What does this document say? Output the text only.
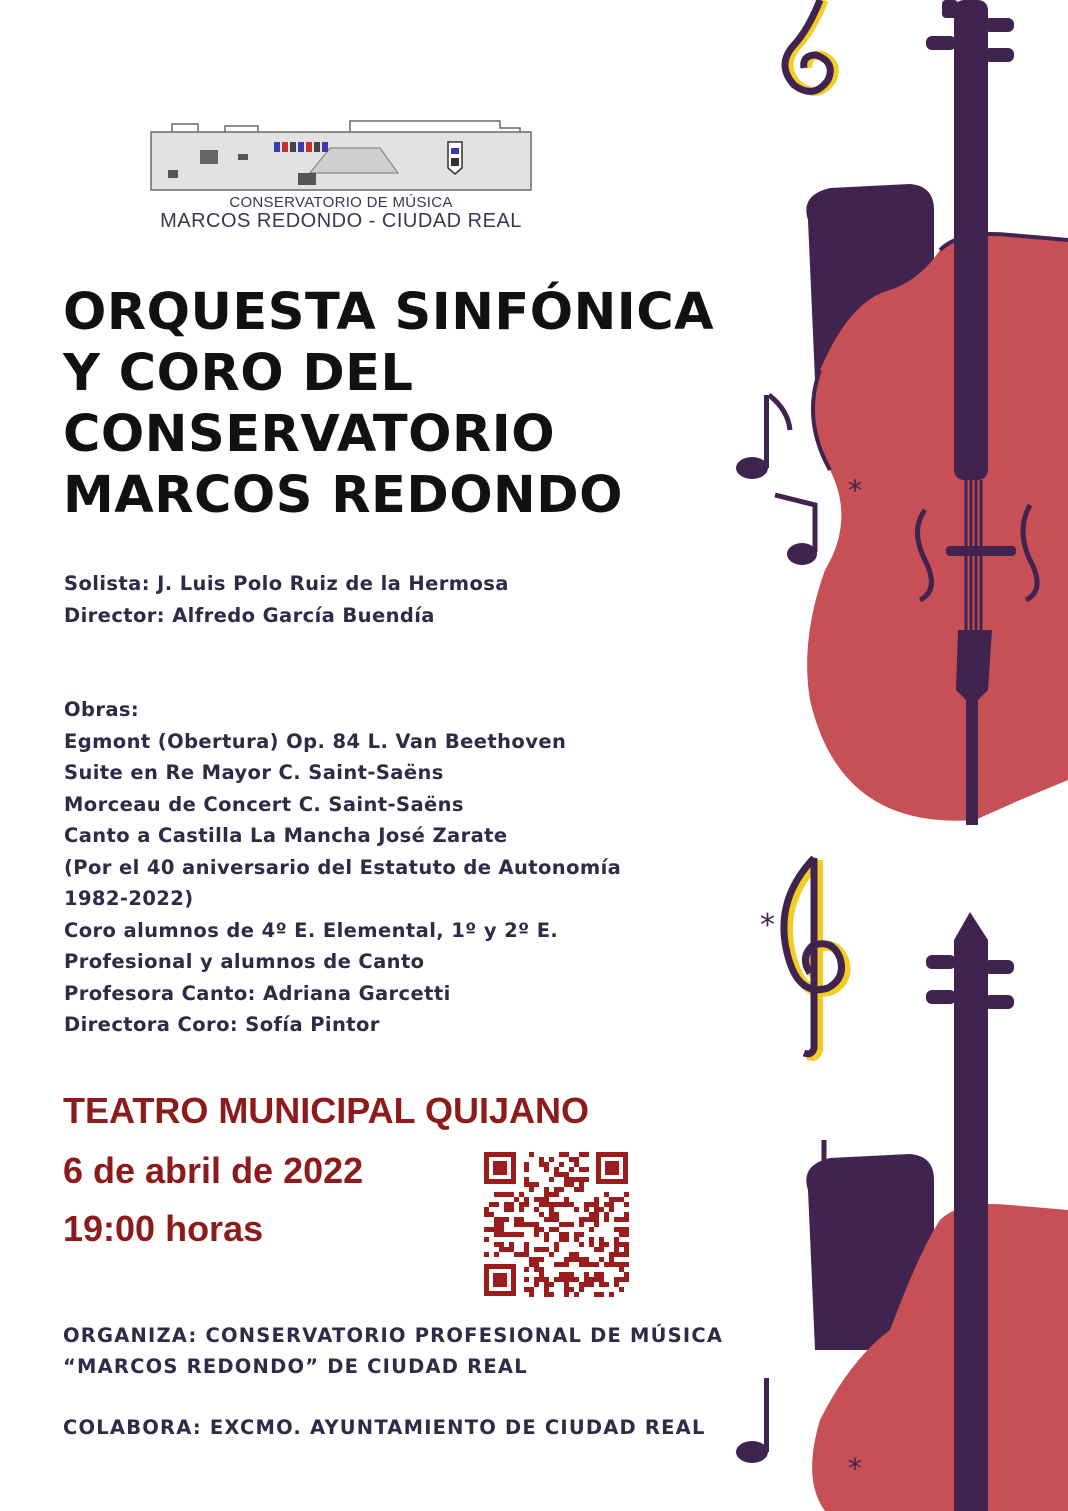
CONSERVATORIO DE MÚSICA
MARCOS REDONDO - CIUDAD REAL
ORQUESTA SINFÓNICA
Y CORO DEL
CONSERVATORIO
MARCOS REDONDO
Solista: J. Luis Polo Ruiz de la Hermosa
Director: Alfredo García Buendía
Obras:
Egmont (Obertura) Op. 84 L. Van Beethoven
Suite en Re Mayor C. Saint-Saëns
Morceau de Concert C. Saint-Saëns
Canto a Castilla La Mancha José Zarate
(Por el 40 aniversario del Estatuto de Autonomía
1982-2022)
Coro alumnos de 4º E. Elemental, 1º y 2º E.
Profesional y alumnos de Canto
Profesora Canto: Adriana Garcetti
Directora Coro: Sofía Pintor
TEATRO MUNICIPAL QUIJANO
6 de abril de 2022
19:00 horas
ORGANIZA: CONSERVATORIO PROFESIONAL DE MÚSICA
“MARCOS REDONDO” DE CIUDAD REAL
COLABORA: EXCMO. AYUNTAMIENTO DE CIUDAD REAL
*
*
*
*
